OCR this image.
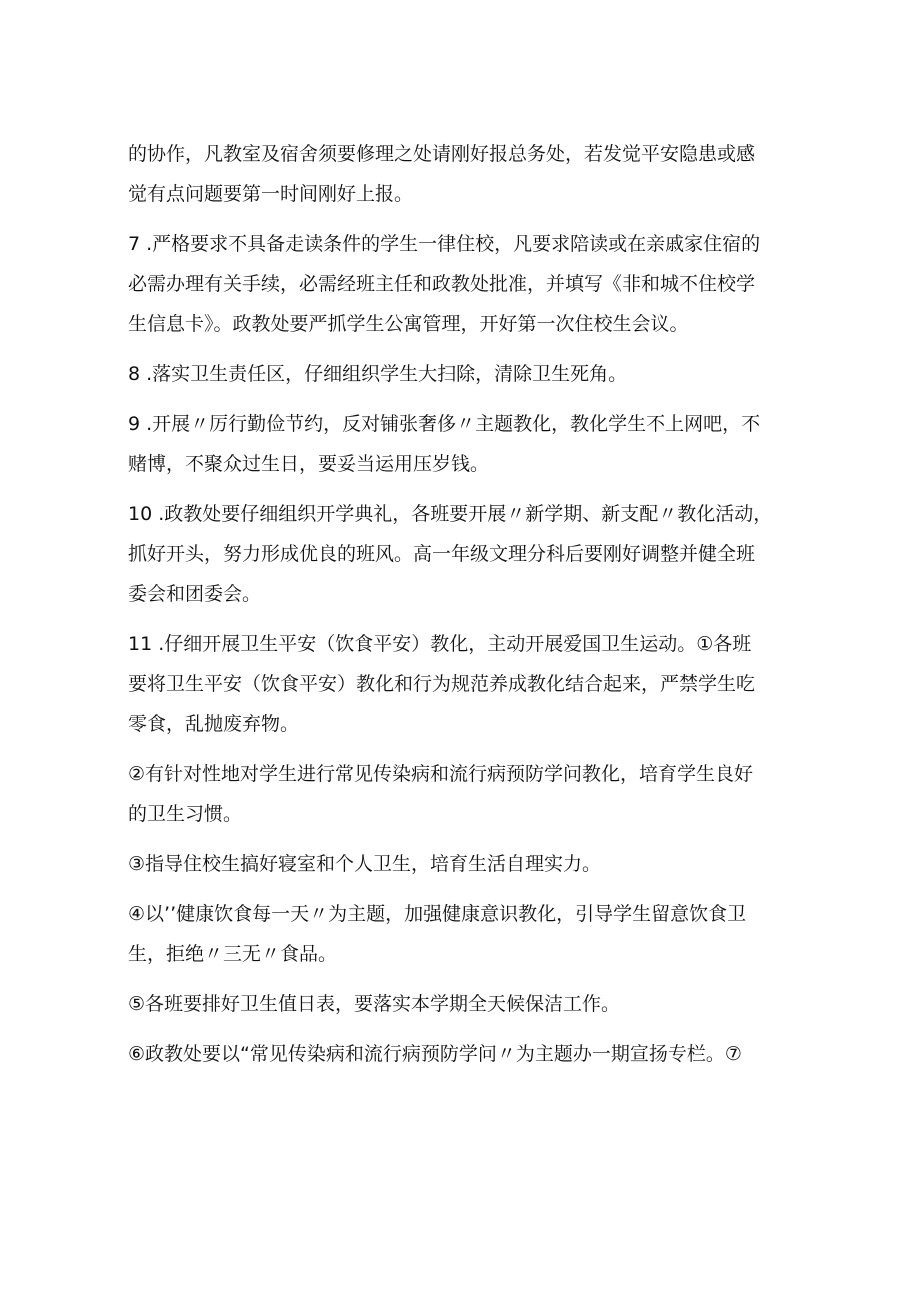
的协作，凡教室及宿舍须要修理之处请刚好报总务处，若发觉平安隐患或感
觉有点问题要第一时间刚好上报。

7 .严格要求不具备走读条件的学生一律住校，凡要求陪读或在亲戚家住宿的
必需办理有关手续，必需经班主任和政教处批准，并填写《非和城不住校学
生信息卡》。政教处要严抓学生公寓管理，开好第一次住校生会议。

8 .落实卫生责任区，仔细组织学生大扫除，清除卫生死角。

9 .开展〃厉行勤俭节约，反对铺张奢侈〃主题教化，教化学生不上网吧，不
赌博，不聚众过生日，要妥当运用压岁钱。

10 .政教处要仔细组织开学典礼，各班要开展〃新学期、新支配〃教化活动，
抓好开头，努力形成优良的班风。高一年级文理分科后要刚好调整并健全班
委会和团委会。

11 .仔细开展卫生平安（饮食平安）教化，主动开展爱国卫生运动。①各班
要将卫生平安（饮食平安）教化和行为规范养成教化结合起来，严禁学生吃
零食，乱抛废弃物。

②有针对性地对学生进行常见传染病和流行病预防学问教化，培育学生良好
的卫生习惯。

③指导住校生搞好寝室和个人卫生，培育生活自理实力。

④以’’健康饮食每一天〃为主题，加强健康意识教化，引导学生留意饮食卫
生，拒绝〃三无〃食品。

⑤各班要排好卫生值日表，要落实本学期全天候保洁工作。

⑥政教处要以“常见传染病和流行病预防学问〃为主题办一期宣扬专栏。⑦
